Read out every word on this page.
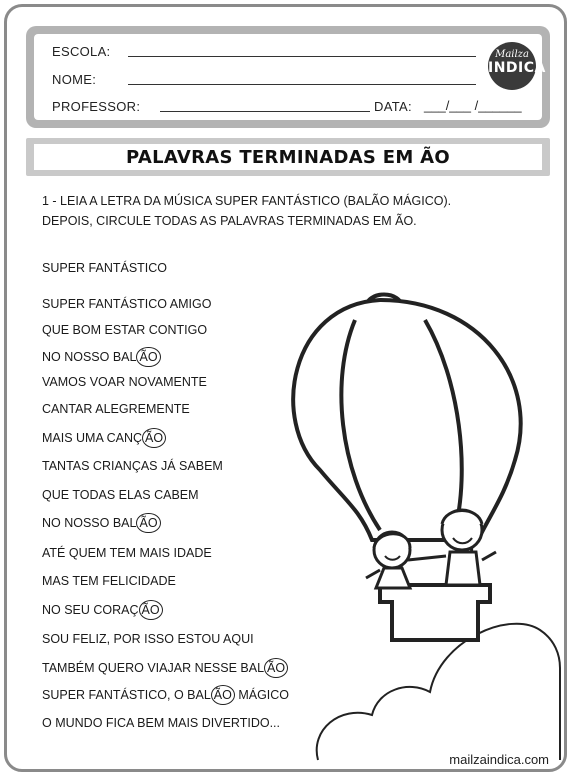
ESCOLA:
NOME:
PROFESSOR:	DATA: ___/___ /______
Mailza
INDICA
PALAVRAS TERMINADAS EM ÃO
1 - LEIA A LETRA DA MÚSICA SUPER FANTÁSTICO (BALÃO MÁGICO).
DEPOIS, CIRCULE TODAS AS PALAVRAS TERMINADAS EM ÃO.
SUPER FANTÁSTICO
SUPER FANTÁSTICO AMIGO
QUE BOM ESTAR CONTIGO
NO NOSSO BAL ÃO
VAMOS VOAR NOVAMENTE
CANTAR ALEGREMENTE
MAIS UMA CANÇ ÃO
TANTAS CRIANÇAS JÁ SABEM
QUE TODAS ELAS CABEM
NO NOSSO BAL ÃO
ATÉ QUEM TEM MAIS IDADE
MAS TEM FELICIDADE
NO SEU CORAÇ ÃO
SOU FELIZ, POR ISSO ESTOU AQUI
TAMBÉM QUERO VIAJAR NESSE BAL ÃO
SUPER FANTÁSTICO, O BAL ÃO MÁGICO
O MUNDO FICA BEM MAIS DIVERTIDO...
mailzaindica.com
